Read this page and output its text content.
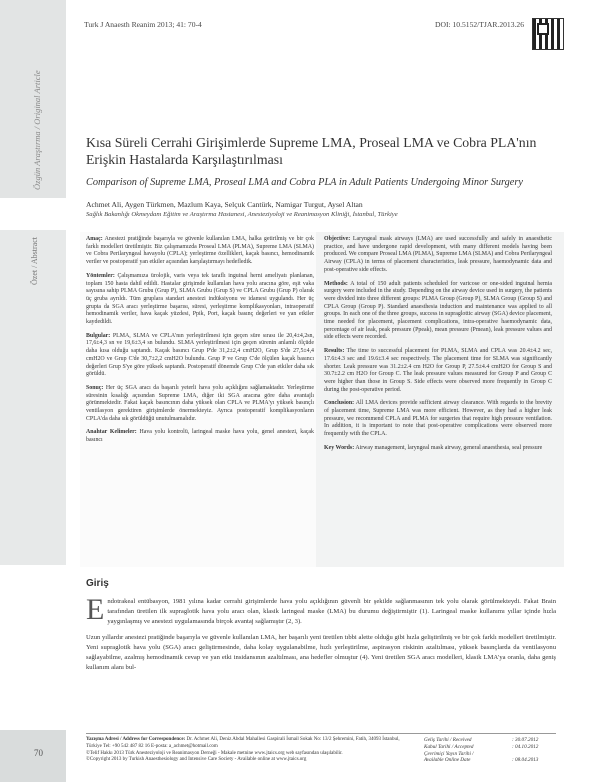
Özgün Araştırma / Original Article
Özet / Abstract
70
Turk J Anaesth Reanim 2013; 41: 70-4	DOI: 10.5152/TJAR.2013.26
Kısa Süreli Cerrahi Girişimlerde Supreme LMA, Proseal LMA ve Cobra PLA'nın Erişkin Hastalarda Karşılaştırılması
Comparison of Supreme LMA, Proseal LMA and Cobra PLA in Adult Patients Undergoing Minor Surgery
Achmet Ali, Aygen Türkmen, Mazlum Kaya, Selçuk Cantürk, Namigar Turgut, Aysel Altan
Sağlık Bakanlığı Okmeydanı Eğitim ve Araştırma Hastanesi, Anesteziyoloji ve Reanimasyon Kliniği, İstanbul, Türkiye

Amaç: Anestezi pratiğinde başarıyla ve güvenle kullanılan LMA, halka getirilmiş ve bir çok farklı modelleri üretilmiştir. Biz çalışmamızda Proseal LMA (PLMA), Supreme LMA (SLMA) ve Cobra Perilaryngeal havayolu (CPLA); yerleştirme özellikleri, kaçak basıncı, hemodinamik veriler ve postoperatif yan etkiler açısından karşılaştırmayı hedefledik.

Yöntemler: Çalışmamıza ürolojik, varis veya tek taraflı inguinal herni ameliyatı planlanan, toplam 150 hasta dahil edildi. Hastalar girişimde kullanılan hava yolu aracına göre, eşit vaka sayısına sahip PLMA Grubu (Grup P), SLMA Grubu (Grup S) ve CPLA Grubu (Grup P) olarak üç gruba ayrıldı. Tüm gruplara standart anestezi indüksiyonu ve idamesi uygulandı. Her üç grupta da SGA aracı yerleştirme başarısı, süresi, yerleştirme komplikasyonları, intraoperatif hemodinamik veriler, hava kaçak yüzdesi, Ppik, Port, kaçak basınç değerleri ve yan etkiler kaydedildi.

Bulgular: PLMA, SLMA ve CPLA'nın yerleştirilmesi için geçen süre sırası ile 20,4±4,2sn, 17,6±4,3 sn ve 19,6±3,4 sn bulundu. SLMA yerleştirilmesi için geçen sürenin anlamlı ölçüde daha kısa olduğu saptandı. Kaçak basıncı Grup P'de 31,2±2,4 cmH2O, Grup S'de 27,5±4,4 cmH2O ve Grup C'de 30,7±2,2 cmH2O bulundu. Grup P ve Grup C'de ölçülen kaçak basıncı değerleri Grup S'ye göre yüksek saptandı. Postoperatif dönemde Grup C'de yan etkiler daha sık görüldü.

Sonuç: Her üç SGA aracı da başarılı yeterli hava yolu açıklığını sağlamaktadır. Yerleştirme süresinin kısalığı açısından Supreme LMA, diğer iki SGA aracına göre daha avantajlı görünmektedir. Fakat kaçak basıncının daha yüksek olan CPLA ve PLMA'yı yüksek basınçlı ventilasyon gerektiren girişimlerde önermekteyiz. Ayrıca postoperatif komplikasyonların CPLA'da daha sık görüldüğü unutulmamalıdır.

Anahtar Kelimeler: Hava yolu kontrolü, laringeal maske hava yolu, genel anestezi, kaçak basıncı

Objective: Laryngeal mask airways (LMA) are used successfully and safely in anaesthetic practice, and have undergone rapid development, with many different models having been produced. We compare Proseal LMA (PLMA), Supreme LMA (SLMA) and Cobra Perilaryngeal Airway (CPLA) in terms of placement characteristics, leak pressure, haemodynamic data and post-operative side effects.

Methods: A total of 150 adult patients scheduled for varicose or one-sided inguinal hernia surgery were included in the study. Depending on the airway device used in surgery, the patients were divided into three different groups: PLMA Group (Group P), SLMA Group (Group S) and CPLA Group (Group P). Standard anaesthesia induction and maintenance was applied to all groups. In each one of the three groups, success in supraglottic airway (SGA) device placement, time needed for placement, placement complications, intra-operative haemodynamic data, percentage of air leak, peak pressure (Ppeak), mean pressure (Pmean), leak pressure values and side effects were recorded.

Results: The time to successful placement for PLMA, SLMA and CPLA was 20.4±4.2 sec, 17.6±4.3 sec and 19.6±3.4 sec respectively. The placement time for SLMA was significantly shorter. Leak pressure was 31.2±2.4 cm H2O for Group P, 27.5±4.4 cmH2O for Group S and 30.7±2.2 cm H2O for Group C. The leak pressure values measured for Group P and Group C were higher than those in Group S. Side effects were observed more frequently in Group C during the post-operative period.

Conclusion: All LMA devices provide sufficient airway clearance. With regards to the brevity of placement time, Supreme LMA was more efficient. However, as they had a higher leak pressure, we recommend CPLA and PLMA for surgeries that require high pressure ventilation. In addition, it is important to note that post-operative complications were observed more frequently with the CPLA.

Key Words: Airway management, laryngeal mask airway, general anaesthesia, seal pressure

Giriş

Endotrakeal entübasyon, 1981 yılına kadar cerrahi girişimlerde hava yolu açıklığının güvenli bir şekilde sağlanmasının tek yolu olarak görülmekteydi. Fakat Brain tarafından üretilen ilk supraglotik hava yolu aracı olan, klasik laringeal maske (LMA) bu durumu değiştirmiştir (1). Laringeal maske kullanımı yıllar içinde hızla yaygınlaşmış ve anestezi uygulamasında birçok avantaj sağlamıştır (2, 3).

Uzun yıllardır anestezi pratiğinde başarıyla ve güvenle kullanılan LMA, her başarılı yeni üretilen tıbbi alette olduğu gibi hızla geliştirilmiş ve bir çok farklı modelleri üretilmiştir. Yeni supraglotik hava yolu (SGA) aracı geliştirmesinde, daha kolay uygulanabilme, hızlı yerleştirilme, aspirasyon riskinin azaltılması, yüksek basınçlarda da ventilasyonu sağlayabilme, azalmış hemodinamik cevap ve yan etki insidansının azaltılması, ana hedefler olmuştur (4). Yeni üretilen SGA aracı modelleri, klasik LMA'ya oranla, daha geniş kullanım alanı bul-

Yazışma Adresi / Address for Correspondence: Dr. Achmet Ali, Deniz Abdal Mahallesi Gaspirali İsmail Sokak No: 13/2 Şehremini, Fatih, 34093 İstanbul, Türkiye Tel: +90 542 487 82 16 E-posta: a_achmet@hotmail.com
©Telif Hakkı 2013 Türk Anesteziyoloji ve Reanimasyon Derneği - Makale metnine www.jtaics.org web sayfasından ulaşılabilir.
©Copyright 2013 by Turkish Anaesthesiology and Intensive Care Society - Available online at www.jtaics.org
Geliş Tarihi / Received	: 30.07.2012
Kabul Tarihi / Accepted	: 04.10.2012
Çevrimiçi Yayın Tarihi /
Available Online Date	: 08.04.2013
